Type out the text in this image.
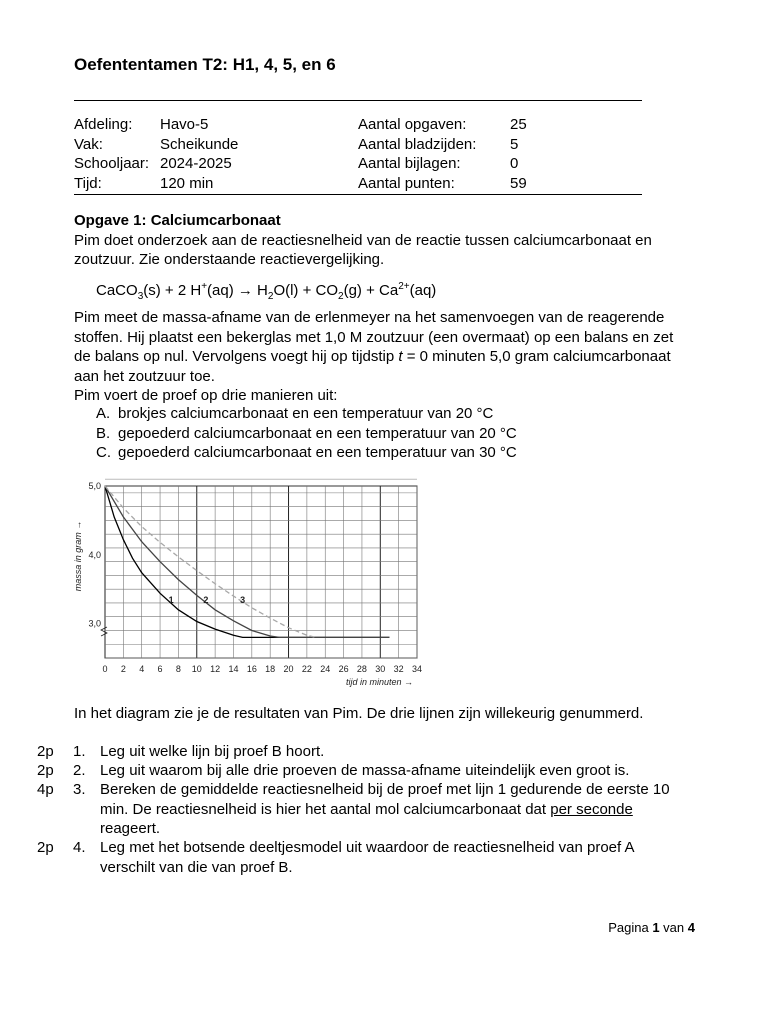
Oefententamen T2: H1, 4, 5, en 6
Afdeling:	Havo-5	Aantal opgaven:	25
Vak:	Scheikunde	Aantal bladzijden:	5
Schooljaar:	2024-2025	Aantal bijlagen:	0
Tijd:	120 min	Aantal punten:	59
Opgave 1: Calciumcarbonaat
Pim doet onderzoek aan de reactiesnelheid van de reactie tussen calciumcarbonaat en
zoutzuur. Zie onderstaande reactievergelijking.
CaCO$_3$(s) + 2 $H^+(aq) \to H_2O(l) + CO_2(g) + Ca^{2+}(aq)$
Pim meet de massa-afname van de erlenmeyer na het samenvoegen van de reagerende
stoffen. Hij plaatst een bekerglas met 1,0 M zoutzuur (een overmaat) op een balans en zet
de balans op nul. Vervolgens voegt hij op tijdstip t = 0 minuten 5,0 gram calciumcarbonaat
aan het zoutzuur toe.
Pim voert de proef op drie manieren uit:
A. brokjes calciumcarbonaat en een temperatuur van 20 °C
B. gepoederd calciumcarbonaat en een temperatuur van 20 °C
C. gepoederd calciumcarbonaat en een temperatuur van 30 °C
0 2 4 6 8 10 12 14 16 18 20 22 24 26 28 30 32 34
3,0
4,0
5,0
massa in gram →
tijd in minuten →
1	2	3
In het diagram zie je de resultaten van Pim. De drie lijnen zijn willekeurig genummerd.
2p 1. Leg uit welke lijn bij proef B hoort.
2p 2. Leg uit waarom bij alle drie proeven de massa-afname uiteindelijk even groot is.
4p 3. Bereken de gemiddelde reactiesnelheid bij de proef met lijn 1 gedurende de eerste 10
min. De reactiesnelheid is hier het aantal mol calciumcarbonaat dat per seconde
reageert.
2p 4. Leg met het botsende deeltjesmodel uit waardoor de reactiesnelheid van proef A
verschilt van die van proef B.
Pagina 1 van 4
